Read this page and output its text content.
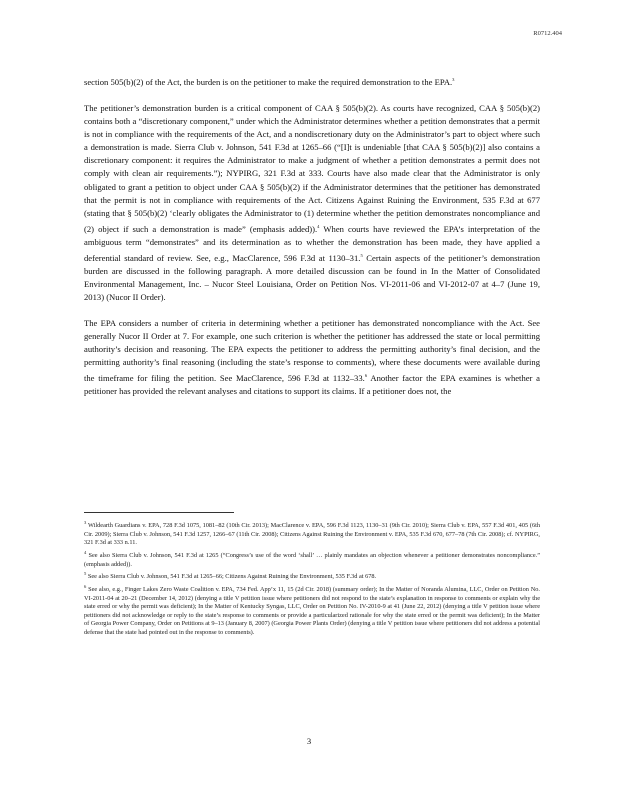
R0712.404

section 505(b)(2) of the Act, the burden is on the petitioner to make the required demonstration to the EPA.$^3$

The petitioner’s demonstration burden is a critical component of CAA § 505(b)(2). As courts have recognized, CAA § 505(b)(2) contains both a “discretionary component,” under which the Administrator determines whether a petition demonstrates that a permit is not in compliance with the requirements of the Act, and a nondiscretionary duty on the Administrator’s part to object where such a demonstration is made. Sierra Club v. Johnson, 541 F.3d at 1265–66 (“[I]t is undeniable [that CAA § 505(b)(2)] also contains a discretionary component: it requires the Administrator to make a judgment of whether a petition demonstrates a permit does not comply with clean air requirements.”); NYPIRG, 321 F.3d at 333. Courts have also made clear that the Administrator is only obligated to grant a petition to object under CAA § 505(b)(2) if the Administrator determines that the petitioner has demonstrated that the permit is not in compliance with requirements of the Act. Citizens Against Ruining the Environment, 535 F.3d at 677 (stating that § 505(b)(2) ‘clearly obligates the Administrator to (1) determine whether the petition demonstrates noncompliance and (2) object if such a demonstration is made” (emphasis added)).$^4$ When courts have reviewed the EPA’s interpretation of the ambiguous term “demonstrates” and its determination as to whether the demonstration has been made, they have applied a deferential standard of review. See, e.g., MacClarence, 596 F.3d at 1130–31.$^5$ Certain aspects of the petitioner’s demonstration burden are discussed in the following paragraph. A more detailed discussion can be found in In the Matter of Consolidated Environmental Management, Inc. – Nucor Steel Louisiana, Order on Petition Nos. VI-2011-06 and VI-2012-07 at 4–7 (June 19, 2013) (Nucor II Order).

The EPA considers a number of criteria in determining whether a petitioner has demonstrated noncompliance with the Act. See generally Nucor II Order at 7. For example, one such criterion is whether the petitioner has addressed the state or local permitting authority’s decision and reasoning. The EPA expects the petitioner to address the permitting authority’s final decision, and the permitting authority’s final reasoning (including the state’s response to comments), where these documents were available during the timeframe for filing the petition. See MacClarence, 596 F.3d at 1132–33.$^6$ Another factor the EPA examines is whether a petitioner has provided the relevant analyses and citations to support its claims. If a petitioner does not, the

$^3$ Wildearth Guardians v. EPA, 728 F.3d 1075, 1081–82 (10th Cir. 2013); MacClarence v. EPA, 596 F.3d 1123, 1130–31 (9th Cir. 2010); Sierra Club v. EPA, 557 F.3d 401, 405 (6th Cir. 2009); Sierra Club v. Johnson, 541 F.3d 1257, 1266–67 (11th Cir. 2008); Citizens Against Ruining the Environment v. EPA, 535 F.3d 670, 677–78 (7th Cir. 2008); cf. NYPIRG, 321 F.3d at 333 n.11.

$^4$ See also Sierra Club v. Johnson, 541 F.3d at 1265 (“Congress’s use of the word ‘shall’ … plainly mandates an objection whenever a petitioner demonstrates noncompliance.” (emphasis added)).

$^5$ See also Sierra Club v. Johnson, 541 F.3d at 1265–66; Citizens Against Ruining the Environment, 535 F.3d at 678.

$^6$ See also, e.g., Finger Lakes Zero Waste Coalition v. EPA, 734 Fed. App’x 11, 15 (2d Cir. 2018) (summary order); In the Matter of Noranda Alumina, LLC, Order on Petition No. VI-2011-04 at 20–21 (December 14, 2012) (denying a title V petition issue where petitioners did not respond to the state’s explanation in response to comments or explain why the state erred or why the permit was deficient); In the Matter of Kentucky Syngas, LLC, Order on Petition No. IV-2010-9 at 41 (June 22, 2012) (denying a title V petition issue where petitioners did not acknowledge or reply to the state’s response to comments or provide a particularized rationale for why the state erred or the permit was deficient); In the Matter of Georgia Power Company, Order on Petitions at 9–13 (January 8, 2007) (Georgia Power Plants Order) (denying a title V petition issue where petitioners did not address a potential defense that the state had pointed out in the response to comments).

3
